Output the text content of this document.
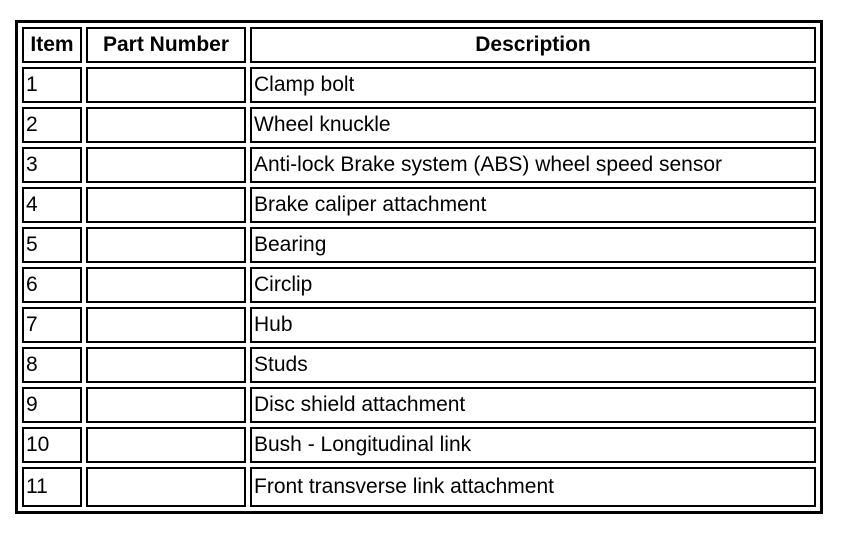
Item	Part Number	Description
1		Clamp bolt
2		Wheel knuckle
3		Anti-lock Brake system (ABS) wheel speed sensor
4		Brake caliper attachment
5		Bearing
6		Circlip
7		Hub
8		Studs
9		Disc shield attachment
10		Bush - Longitudinal link
11		Front transverse link attachment
